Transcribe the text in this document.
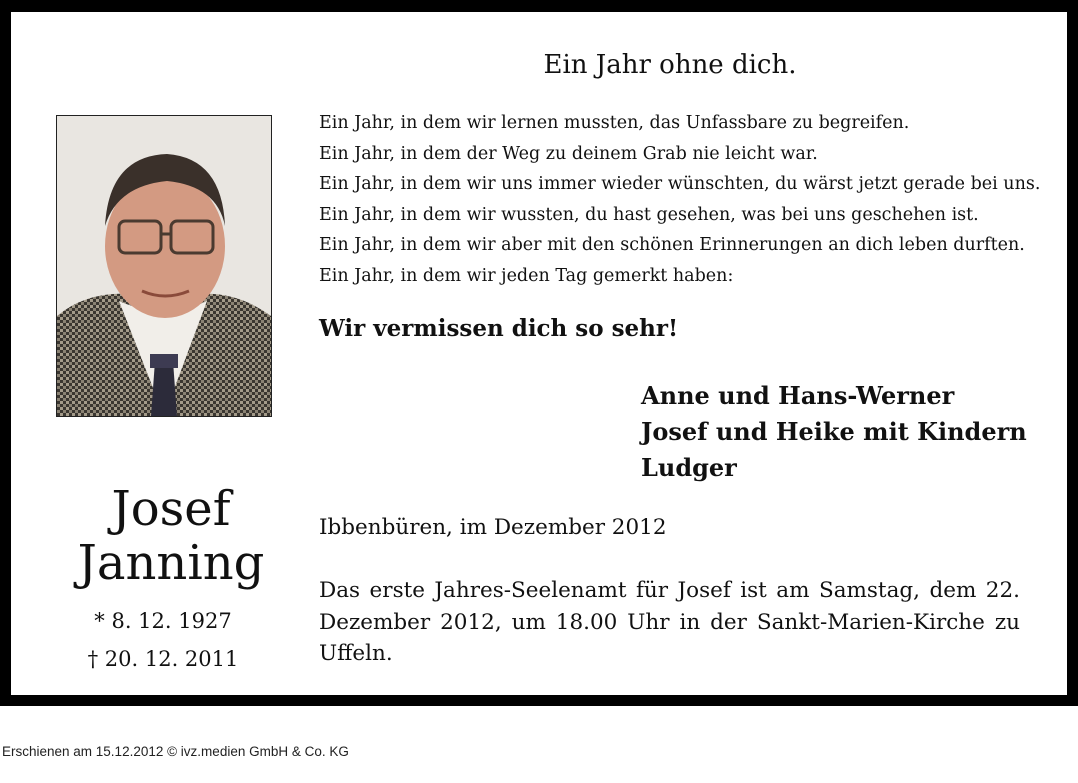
Ein Jahr ohne dich.
Ein Jahr, in dem wir lernen mussten, das Unfassbare zu begreifen.
Ein Jahr, in dem der Weg zu deinem Grab nie leicht war.
Ein Jahr, in dem wir uns immer wieder wünschten, du wärst jetzt gerade bei uns.
Ein Jahr, in dem wir wussten, du hast gesehen, was bei uns geschehen ist.
Ein Jahr, in dem wir aber mit den schönen Erinnerungen an dich leben durften.
Ein Jahr, in dem wir jeden Tag gemerkt haben:
Wir vermissen dich so sehr!
Anne und Hans-Werner
Josef und Heike mit Kindern
Ludger
Ibbenbüren, im Dezember 2012

Das erste Jahres-Seelenamt für Josef ist am Samstag, dem 22. Dezember 2012, um 18.00 Uhr in der Sankt-Marien-Kirche zu Uffeln.

Josef
Janning
* 8. 12. 1927
† 20. 12. 2011
Erschienen am 15.12.2012 © ivz.medien GmbH & Co. KG
